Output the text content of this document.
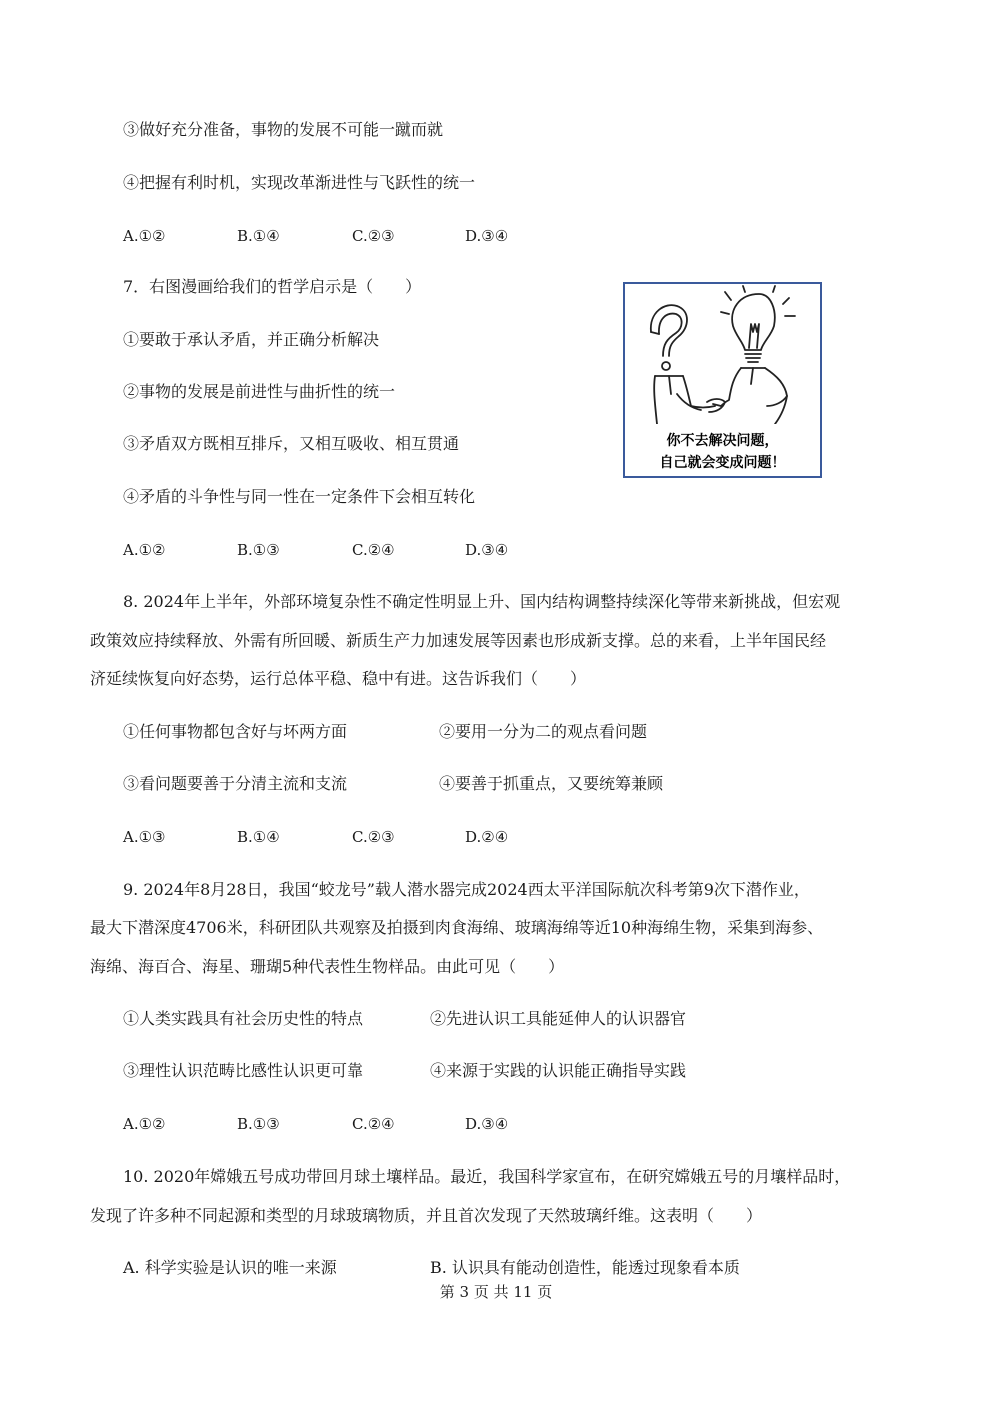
③做好充分准备，事物的发展不可能一蹴而就
④把握有利时机，实现改革渐进性与飞跃性的统一
A.①②	B.①④	C.②③	D.③④
7．右图漫画给我们的哲学启示是（　　）
①要敢于承认矛盾，并正确分析解决
②事物的发展是前进性与曲折性的统一
③矛盾双方既相互排斥，又相互吸收、相互贯通
④矛盾的斗争性与同一性在一定条件下会相互转化
A.①②	B.①③	C.②④	D.③④
你不去解决问题，
自己就会变成问题！
8. 2024年上半年，外部环境复杂性不确定性明显上升、国内结构调整持续深化等带来新挑战，但宏观
政策效应持续释放、外需有所回暖、新质生产力加速发展等因素也形成新支撑。总的来看，上半年国民经
济延续恢复向好态势，运行总体平稳、稳中有进。这告诉我们（　　）
①任何事物都包含好与坏两方面	②要用一分为二的观点看问题
③看问题要善于分清主流和支流	④要善于抓重点，又要统筹兼顾
A.①③	B.①④	C.②③	D.②④
9. 2024年8月28日，我国“蛟龙号”载人潜水器完成2024西太平洋国际航次科考第9次下潜作业，
最大下潜深度4706米，科研团队共观察及拍摄到肉食海绵、玻璃海绵等近10种海绵生物，采集到海参、
海绵、海百合、海星、珊瑚5种代表性生物样品。由此可见（　　）
①人类实践具有社会历史性的特点	②先进认识工具能延伸人的认识器官
③理性认识范畴比感性认识更可靠	④来源于实践的认识能正确指导实践
A.①②	B.①③	C.②④	D.③④
10. 2020年嫦娥五号成功带回月球土壤样品。最近，我国科学家宣布，在研究嫦娥五号的月壤样品时，
发现了许多种不同起源和类型的月球玻璃物质，并且首次发现了天然玻璃纤维。这表明（　　）
A. 科学实验是认识的唯一来源	B. 认识具有能动创造性，能透过现象看本质
第 3 页 共 11 页
